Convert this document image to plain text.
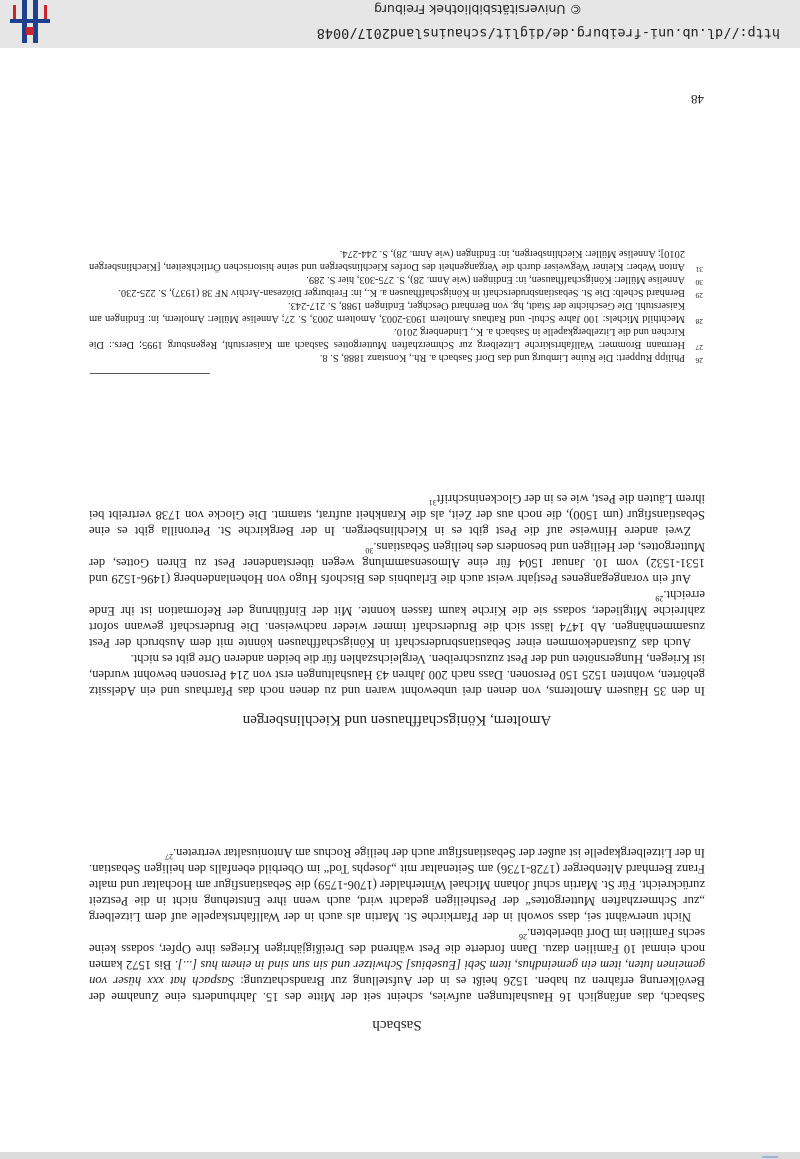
Sasbach

Sasbach, das anfänglich 16 Haushaltungen aufwies, scheint seit der Mitte des 15. Jahrhunderts eine Zunahme der Bevölkerung erfahren zu haben. 1526 heißt es in der Aufstellung zur Brandschatzung: Saspach hat xxx hüser von gemeinen luten, item ein gemeindhus, item Sebi [Eusebius] Schwitzer und sin sun sind in einem hus [...]. Bis 1572 kamen noch einmal 10 Familien dazu. Dann forderte die Pest während des Dreißigjährigen Krieges ihre Opfer, sodass keine sechs Familien im Dorf überlebten.$^{26}$

Nicht unerwähnt sei, dass sowohl in der Pfarrkirche St. Martin als auch in der Wallfahrtskapelle auf dem Litzelberg „zur Schmerzhaften Muttergottes“ der Pestheiligen gedacht wird, auch wenn ihre Entstehung nicht in die Pestzeit zurückreicht. Für St. Martin schuf Johann Michael Winterhalder (1706-1759) die Sebastiansfigur am Hochaltar und malte Franz Bernhard Altenberger (1728-1736) am Seitenaltar mit „Josephs Tod“ im Oberbild ebenfalls den heiligen Sebastian. In der Litzelbergkapelle ist außer der Sebastiansfigur auch der heilige Rochus am Antoniusaltar vertreten.$^{27}$

Amoltern, Königschaffhausen und Kiechlinsbergen

In den 35 Häusern Amolterns, von denen drei unbewohnt waren und zu denen noch das Pfarrhaus und ein Adelssitz gehörten, wohnten 1525 150 Personen. Dass nach 200 Jahren 43 Haushaltungen erst von 214 Personen bewohnt wurden, ist Kriegen, Hungersnöten und der Pest zuzuschreiben. Vergleichszahlen für die beiden anderen Orte gibt es nicht.

Auch das Zustandekommen einer Sebastiansbruderschaft in Königschaffhausen könnte mit dem Ausbruch der Pest zusammenhängen. Ab 1474 lässt sich die Bruderschaft immer wieder nachweisen. Die Bruderschaft gewann sofort zahlreiche Mitglieder, sodass sie die Kirche kaum fassen konnte. Mit der Einführung der Reformation ist ihr Ende erreicht.$^{29}$

Auf ein vorangegangenes Pestjahr weist auch die Erlaubnis des Bischofs Hugo von Hohenlandenberg (1496-1529 und 1531-1532) vom 10. Januar 1504 für eine Almosensammlung wegen überstandener Pest zu Ehren Gottes, der Muttergottes, der Heiligen und besonders des heiligen Sebastians.$^{30}$

Zwei andere Hinweise auf die Pest gibt es in Kiechlinsbergen. In der Bergkirche St. Petronilla gibt es eine Sebastiansfigur (um 1500), die noch aus der Zeit, als die Krankheit auftrat, stammt. Die Glocke von 1738 vertreibt bei ihrem Läuten die Pest, wie es in der Glockeninschrift$^{31}$

26
Philipp Ruppert: Die Ruine Limburg und das Dorf Sasbach a. Rh., Konstanz 1888, S. 8.
27
Hermann Brommer: Wallfahrtskirche Litzelberg zur Schmerzhaften Muttergottes Sasbach am Kaiserstuhl, Regensburg 1995; Ders.: Die Kirchen und die Litzelbergkapelle in Sasbach a. K., Lindenberg 2010.
28
Mechthild Michels: 100 Jahre Schul- und Rathaus Amoltern 1903-2003, Amoltern 2003, S. 27; Annelise Müller: Amoltern, in: Endingen am Kaiserstuhl. Die Geschichte der Stadt, hg. von Bernhard Oeschger, Endingen 1988, S. 217-243.
29
Bernhard Schelb: Die St. Sebastiansbruderschaft in Königschaffhausen a. K., in: Freiburger Diözesan-Archiv NF 38 (1937), S. 225-230.
30
Annelise Müller: Königschaffhausen, in: Endingen (wie Anm. 28), S. 275-303, hier S. 289.
31
Anton Weber: Kleiner Wegweiser durch die Vergangenheit des Dorfes Kiechlinsbergen und seine historischen Örtlichkeiten, [Kiechlinsbergen 2010]; Annelise Müller: Kiechlinsbergen, in: Endingen (wie Anm. 28), S. 244-274.
48
http://dl.ub.uni-freiburg.de/diglit/schauinsland2017/0048
© Universitätsbibliothek Freiburg
